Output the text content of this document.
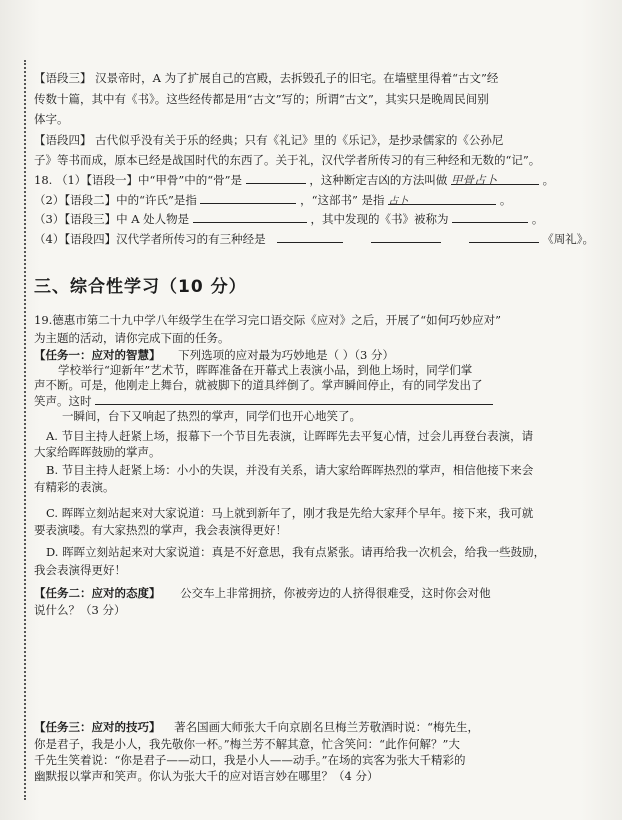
【语段三】 汉景帝时，A 为了扩展自己的宫殿，去拆毁孔子的旧宅。在墙壁里得着“古文”经
传数十篇，其中有《书》。这些经传都是用“古文”写的；所谓“古文”，其实只是晚周民间别
体字。
【语段四】 古代似乎没有关于乐的经典；只有《礼记》里的《乐记》，是抄录儒家的《公孙尼
子》等书而成，原本已经是战国时代的东西了。关于礼，汉代学者所传习的有三种经和无数的“记”。
18. （1）【语段一】中“甲骨”中的“骨”是	，这种断定吉凶的方法叫做 甲骨占卜	。
（2）【语段二】中的“许氏”是指	，“这部书” 是指 占卜	。
（3）【语段三】中 A 处人物是	，其中发现的《书》被称为	。
（4）【语段四】汉代学者所传习的有三种经是	《周礼》。
三、综合性学习（10 分）
19.德惠市第二十九中学八年级学生在学习完口语交际《应对》之后，开展了“如何巧妙应对”
为主题的活动，请你完成下面的任务。
【任务一：应对的智慧】 下列选项的应对最为巧妙地是（ ）（3 分）
学校举行“迎新年”艺术节，晖晖准备在开幕式上表演小品，到他上场时，同学们掌
声不断。可是，他刚走上舞台，就被脚下的道具绊倒了。掌声瞬间停止，有的同学发出了
笑声。这时
一瞬间，台下又响起了热烈的掌声，同学们也开心地笑了。
A. 节目主持人赶紧上场，报幕下一个节目先表演，让晖晖先去平复心情，过会儿再登台表演，请
大家给晖晖鼓励的掌声。
B. 节目主持人赶紧上场：小小的失误，并没有关系，请大家给晖晖热烈的掌声，相信他接下来会
有精彩的表演。
C. 晖晖立刻站起来对大家说道：马上就到新年了，刚才我是先给大家拜个早年。接下来，我可就
要表演喽。有大家热烈的掌声，我会表演得更好！
D. 晖晖立刻站起来对大家说道：真是不好意思，我有点紧张。请再给我一次机会，给我一些鼓励，
我会表演得更好！
【任务二：应对的态度】 公交车上非常拥挤，你被旁边的人挤得很难受，这时你会对他
说什么？（3 分）
【任务三：应对的技巧】 著名国画大师张大千向京剧名旦梅兰芳敬酒时说：“梅先生，
你是君子，我是小人，我先敬你一杯。”梅兰芳不解其意，忙含笑问：“此作何解？”大
千先生笑着说：“你是君子——动口，我是小人——动手。”在场的宾客为张大千精彩的
幽默报以掌声和笑声。你认为张大千的应对语言妙在哪里？（4 分）
